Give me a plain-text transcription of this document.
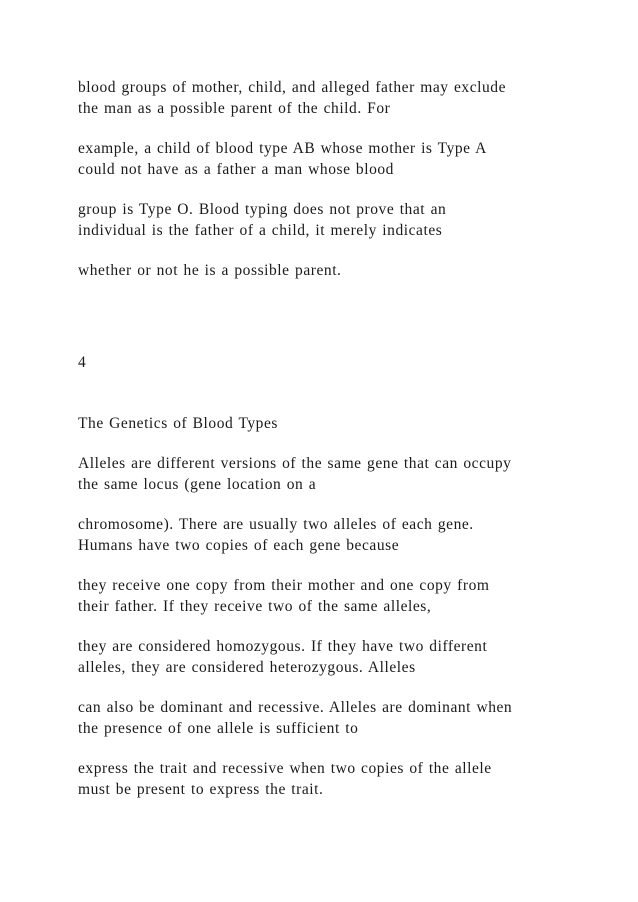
blood groups of mother, child, and alleged father may exclude
the man as a possible parent of the child. For
example, a child of blood type AB whose mother is Type A
could not have as a father a man whose blood
group is Type O. Blood typing does not prove that an
individual is the father of a child, it merely indicates
whether or not he is a possible parent.
4
The Genetics of Blood Types
Alleles are different versions of the same gene that can occupy
the same locus (gene location on a
chromosome). There are usually two alleles of each gene.
Humans have two copies of each gene because
they receive one copy from their mother and one copy from
their father. If they receive two of the same alleles,
they are considered homozygous. If they have two different
alleles, they are considered heterozygous. Alleles
can also be dominant and recessive. Alleles are dominant when
the presence of one allele is sufficient to
express the trait and recessive when two copies of the allele
must be present to express the trait.
